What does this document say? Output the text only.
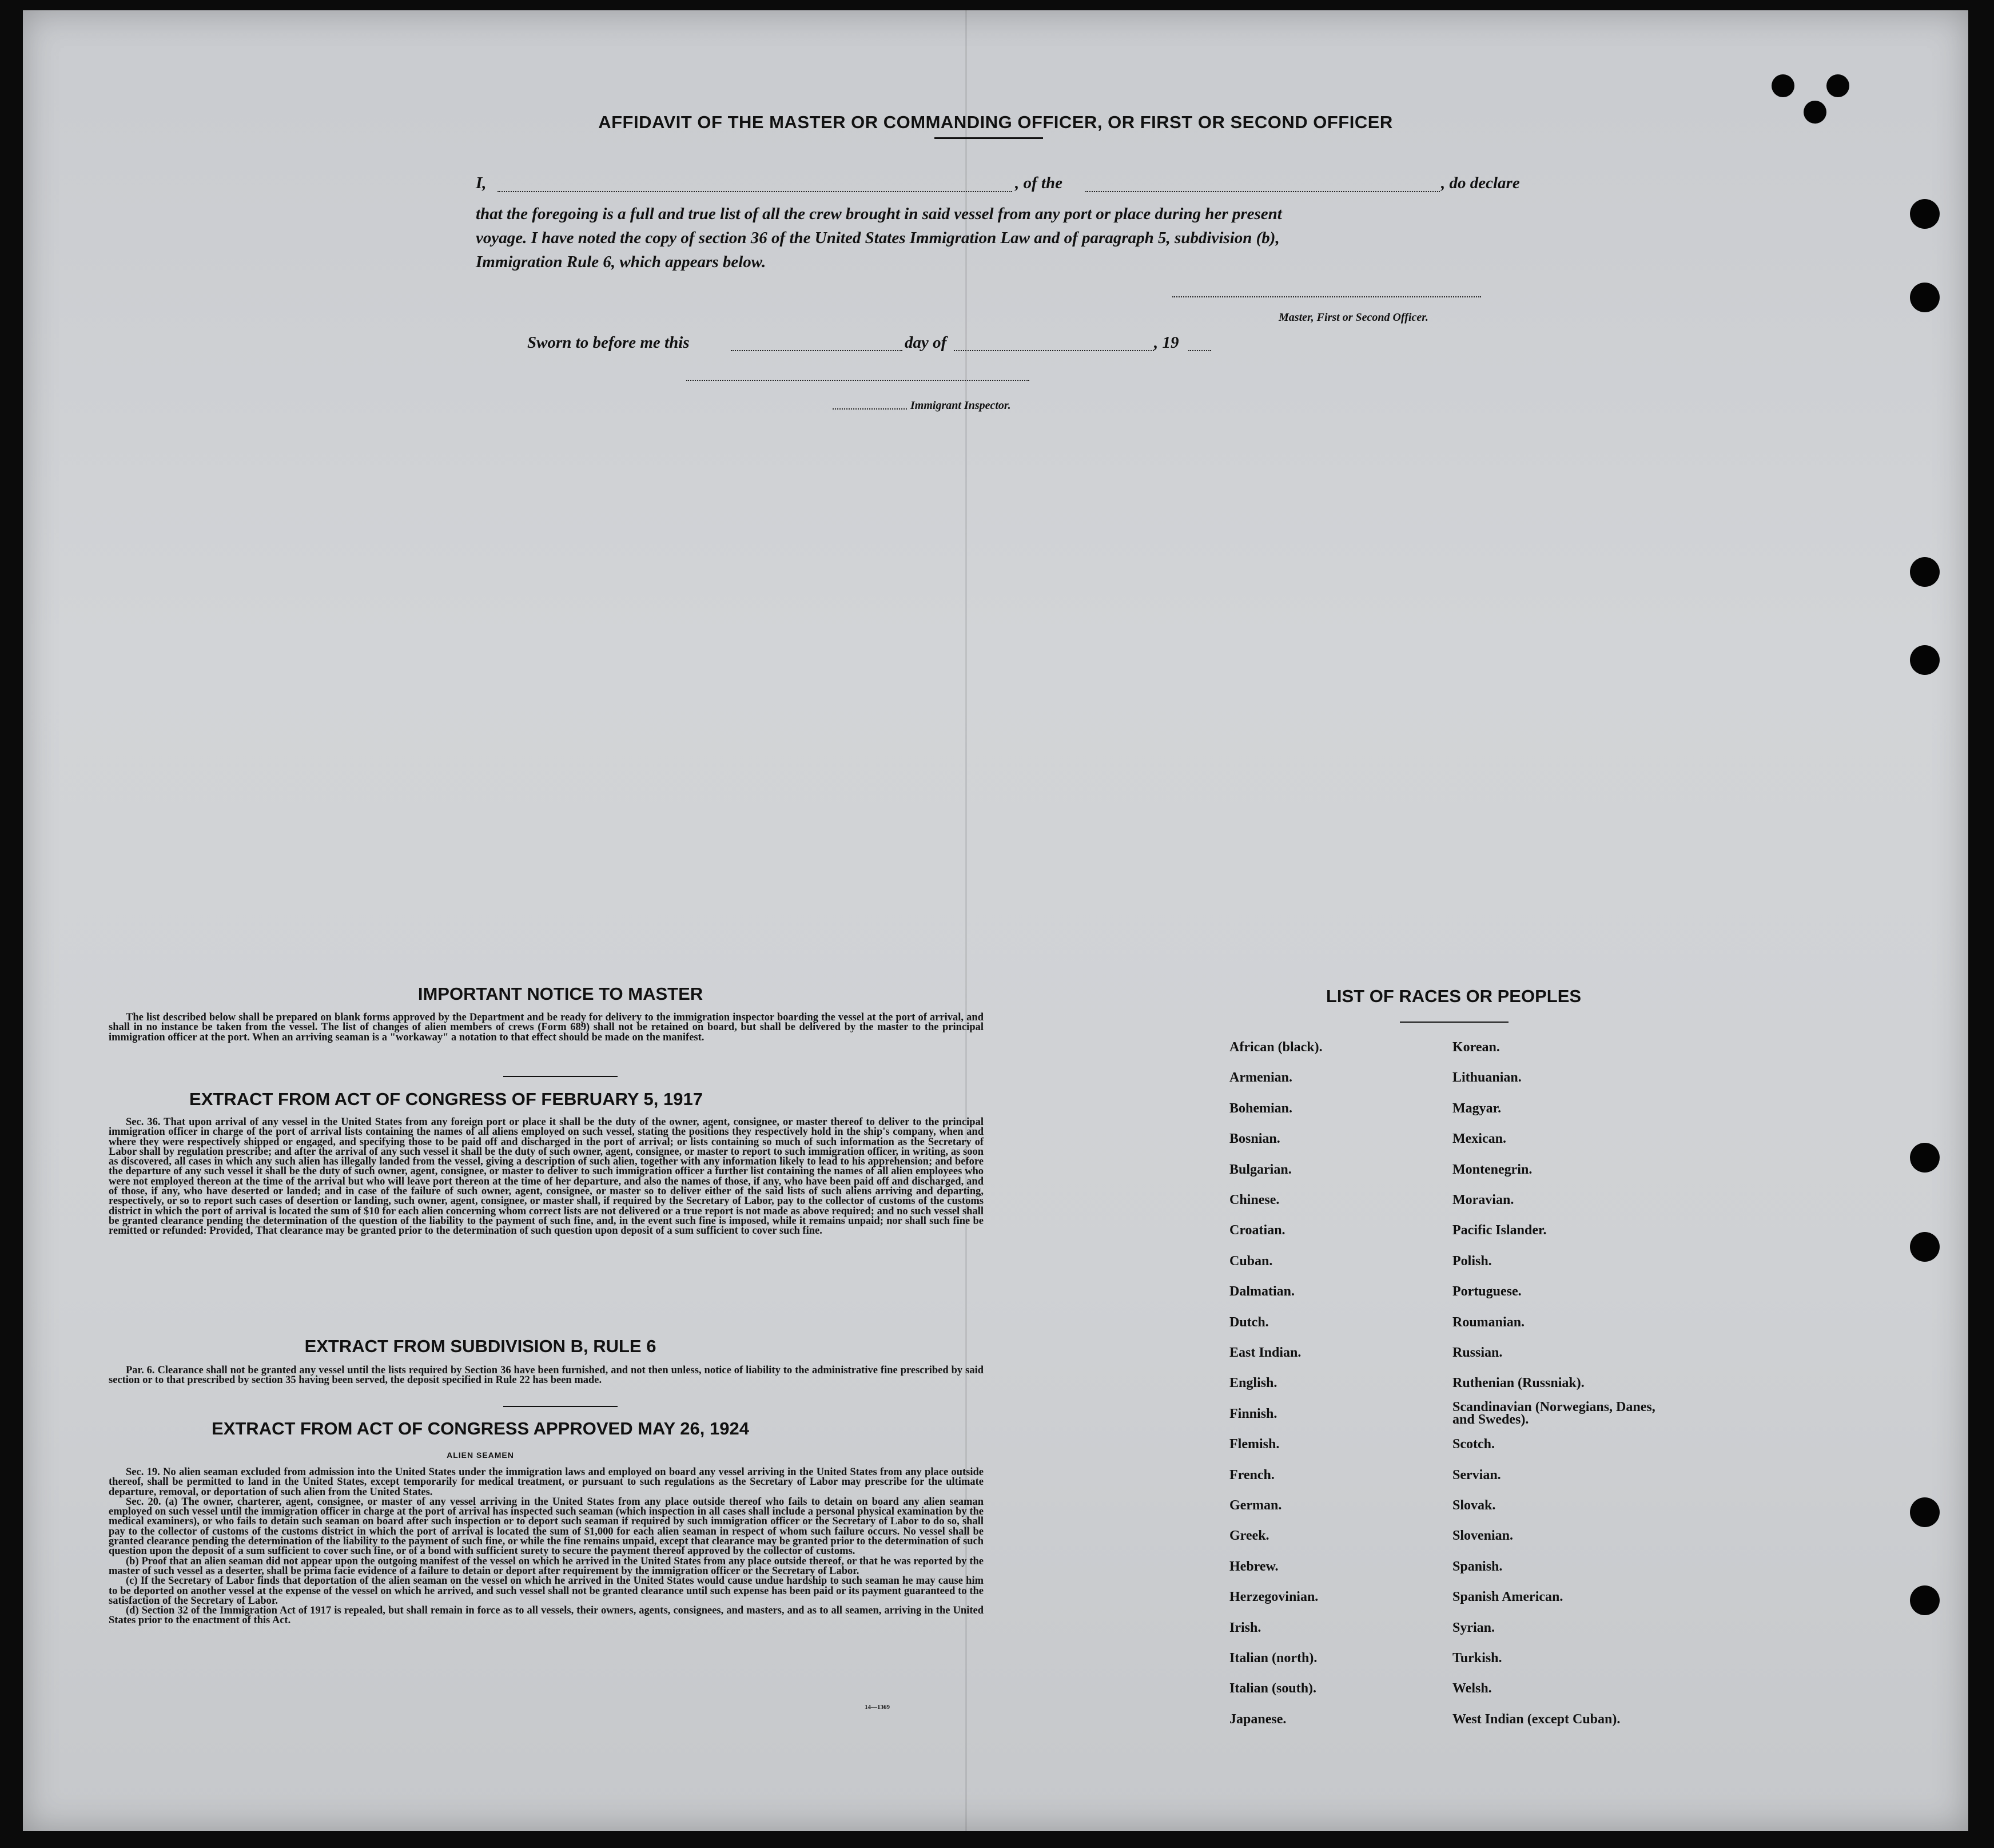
AFFIDAVIT OF THE MASTER OR COMMANDING OFFICER, OR FIRST OR SECOND OFFICER
I,	, of the	, do declare
that the foregoing is a full and true list of all the crew brought in said vessel from any port or place during her present
voyage. I have noted the copy of section 36 of the United States Immigration Law and of paragraph 5, subdivision (b),
Immigration Rule 6, which appears below.
Master, First or Second Officer.
Sworn to before me this	day of	, 19
Immigrant Inspector.
IMPORTANT NOTICE TO MASTER

The list described below shall be prepared on blank forms approved by the Department and be ready for delivery to the immigration inspector boarding the vessel at the port of arrival, and shall in no instance be taken from the vessel. The list of changes of alien members of crews (Form 689) shall not be retained on board, but shall be delivered by the master to the principal immigration officer at the port. When an arriving seaman is a "workaway" a notation to that effect should be made on the manifest.

EXTRACT FROM ACT OF CONGRESS OF FEBRUARY 5, 1917

Sec. 36. That upon arrival of any vessel in the United States from any foreign port or place it shall be the duty of the owner, agent, consignee, or master thereof to deliver to the principal immigration officer in charge of the port of arrival lists containing the names of all aliens employed on such vessel, stating the positions they respectively hold in the ship's company, when and where they were respectively shipped or engaged, and specifying those to be paid off and discharged in the port of arrival; or lists containing so much of such information as the Secretary of Labor shall by regulation prescribe; and after the arrival of any such vessel it shall be the duty of such owner, agent, consignee, or master to report to such immigration officer, in writing, as soon as discovered, all cases in which any such alien has illegally landed from the vessel, giving a description of such alien, together with any information likely to lead to his apprehension; and before the departure of any such vessel it shall be the duty of such owner, agent, consignee, or master to deliver to such immigration officer a further list containing the names of all alien employees who were not employed thereon at the time of the arrival but who will leave port thereon at the time of her departure, and also the names of those, if any, who have been paid off and discharged, and of those, if any, who have deserted or landed; and in case of the failure of such owner, agent, consignee, or master so to deliver either of the said lists of such aliens arriving and departing, respectively, or so to report such cases of desertion or landing, such owner, agent, consignee, or master shall, if required by the Secretary of Labor, pay to the collector of customs of the customs district in which the port of arrival is located the sum of $10 for each alien concerning whom correct lists are not delivered or a true report is not made as above required; and no such vessel shall be granted clearance pending the determination of the question of the liability to the payment of such fine, and, in the event such fine is imposed, while it remains unpaid; nor shall such fine be remitted or refunded: Provided, That clearance may be granted prior to the determination of such question upon deposit of a sum sufficient to cover such fine.

EXTRACT FROM SUBDIVISION B, RULE 6

Par. 6. Clearance shall not be granted any vessel until the lists required by Section 36 have been furnished, and not then unless, notice of liability to the administrative fine prescribed by said section or to that prescribed by section 35 having been served, the deposit specified in Rule 22 has been made.

EXTRACT FROM ACT OF CONGRESS APPROVED MAY 26, 1924
ALIEN SEAMEN

Sec. 19. No alien seaman excluded from admission into the United States under the immigration laws and employed on board any vessel arriving in the United States from any place outside thereof, shall be permitted to land in the United States, except temporarily for medical treatment, or pursuant to such regulations as the Secretary of Labor may prescribe for the ultimate departure, removal, or deportation of such alien from the United States.

Sec. 20. (a) The owner, charterer, agent, consignee, or master of any vessel arriving in the United States from any place outside thereof who fails to detain on board any alien seaman employed on such vessel until the immigration officer in charge at the port of arrival has inspected such seaman (which inspection in all cases shall include a personal physical examination by the medical examiners), or who fails to detain such seaman on board after such inspection or to deport such seaman if required by such immigration officer or the Secretary of Labor to do so, shall pay to the collector of customs of the customs district in which the port of arrival is located the sum of $1,000 for each alien seaman in respect of whom such failure occurs. No vessel shall be granted clearance pending the determination of the liability to the payment of such fine, or while the fine remains unpaid, except that clearance may be granted prior to the determination of such question upon the deposit of a sum sufficient to cover such fine, or of a bond with sufficient surety to secure the payment thereof approved by the collector of customs.

(b) Proof that an alien seaman did not appear upon the outgoing manifest of the vessel on which he arrived in the United States from any place outside thereof, or that he was reported by the master of such vessel as a deserter, shall be prima facie evidence of a failure to detain or deport after requirement by the immigration officer or the Secretary of Labor.

(c) If the Secretary of Labor finds that deportation of the alien seaman on the vessel on which he arrived in the United States would cause undue hardship to such seaman he may cause him to be deported on another vessel at the expense of the vessel on which he arrived, and such vessel shall not be granted clearance until such expense has been paid or its payment guaranteed to the satisfaction of the Secretary of Labor.

(d) Section 32 of the Immigration Act of 1917 is repealed, but shall remain in force as to all vessels, their owners, agents, consignees, and masters, and as to all seamen, arriving in the United States prior to the enactment of this Act.

14—1369
LIST OF RACES OR PEOPLES
African (black).
Armenian.
Bohemian.
Bosnian.
Bulgarian.
Chinese.
Croatian.
Cuban.
Dalmatian.
Dutch.
East Indian.
English.
Finnish.
Flemish.
French.
German.
Greek.
Hebrew.
Herzegovinian.
Irish.
Italian (north).
Italian (south).
Japanese.
Korean.
Lithuanian.
Magyar.
Mexican.
Montenegrin.
Moravian.
Pacific Islander.
Polish.
Portuguese.
Roumanian.
Russian.
Ruthenian (Russniak).
Scandinavian (Norwegians, Danes, and Swedes).
Scotch.
Servian.
Slovak.
Slovenian.
Spanish.
Spanish American.
Syrian.
Turkish.
Welsh.
West Indian (except Cuban).
